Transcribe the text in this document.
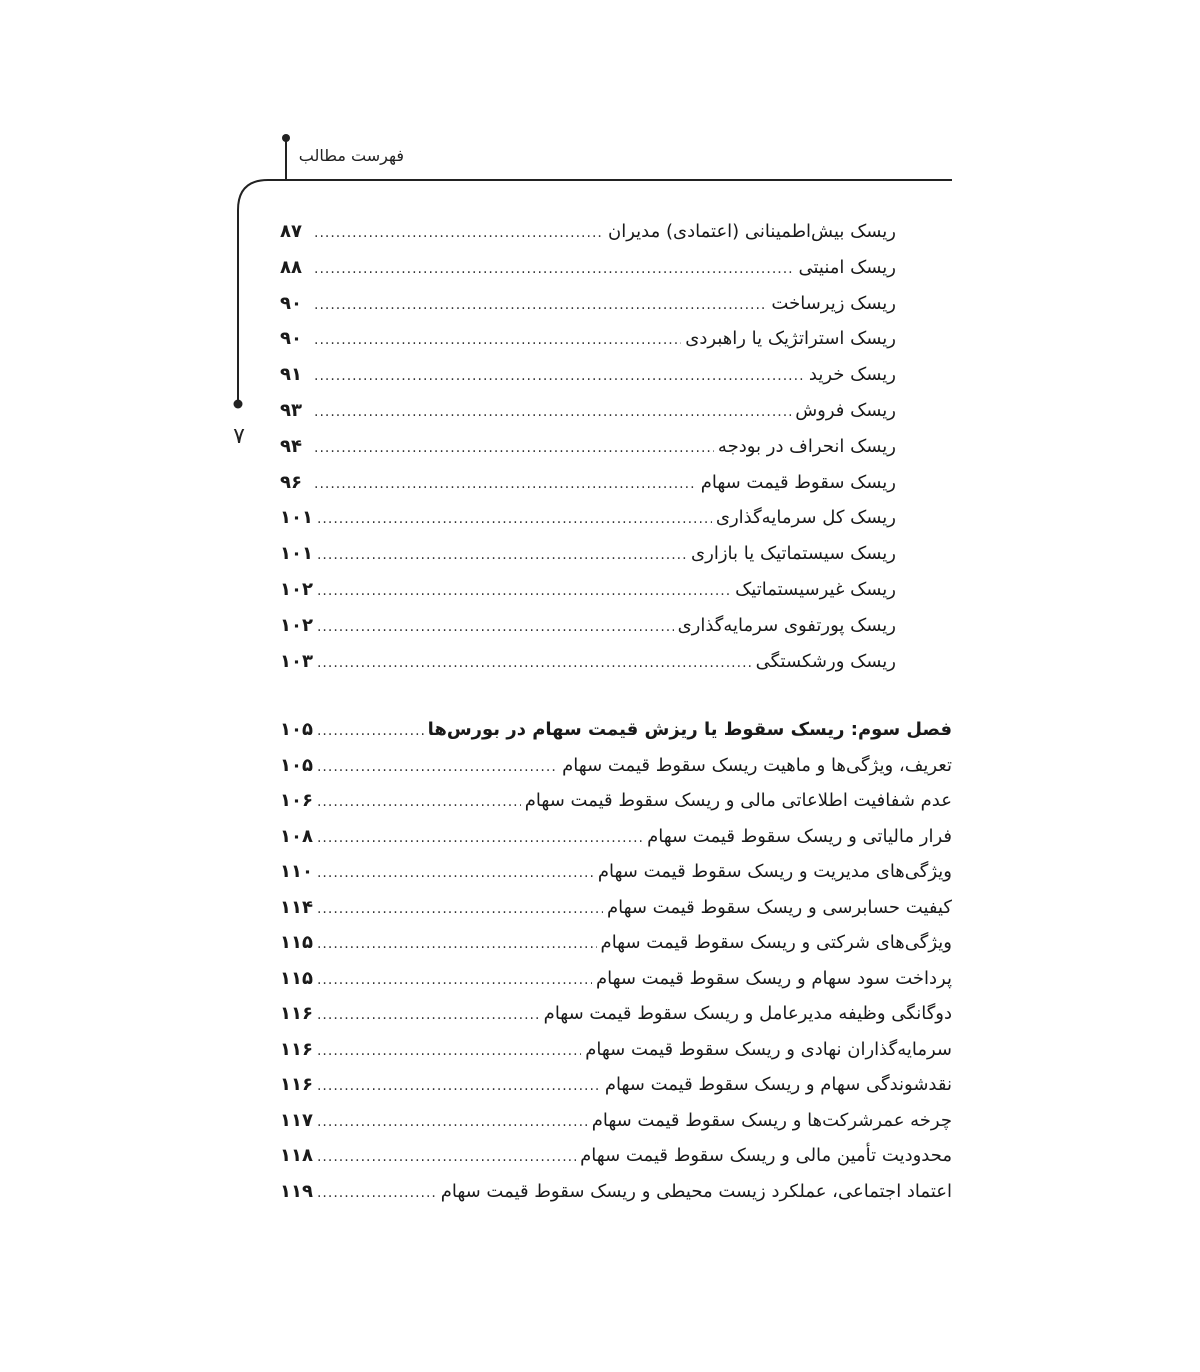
فهرست مطالب
۷
ریسک بیش‌اطمینانی (اعتمادی) مدیران
.....
۸۷
ریسک امنیتی
.....
۸۸
ریسک زیرساخت
.....
۹۰
ریسک استراتژیک یا راهبردی
.....
۹۰
ریسک خرید
.....
۹۱
ریسک فروش
.....
۹۳
ریسک انحراف در بودجه
.....
۹۴
ریسک سقوط قیمت سهام
.....
۹۶
ریسک کل سرمایه‌گذاری
.....
۱۰۱
ریسک سیستماتیک یا بازاری
.....
۱۰۱
ریسک غیرسیستماتیک
.....
۱۰۲
ریسک پورتفوی سرمایه‌گذاری
.....
۱۰۲
ریسک ورشکستگی
.....
۱۰۳
فصل سوم: ریسک سقوط یا ریزش قیمت سهام در بورس‌ها
.....
۱۰۵
تعریف، ویژگی‌ها و ماهیت ریسک سقوط قیمت سهام
.....
۱۰۵
عدم شفافیت اطلاعاتی مالی و ریسک سقوط قیمت سهام
.....
۱۰۶
فرار مالیاتی و ریسک سقوط قیمت سهام
.....
۱۰۸
ویژگی‌های مدیریت و ریسک سقوط قیمت سهام
.....
۱۱۰
کیفیت حسابرسی و ریسک سقوط قیمت سهام
.....
۱۱۴
ویژگی‌های شرکتی و ریسک سقوط قیمت سهام
.....
۱۱۵
پرداخت سود سهام و ریسک سقوط قیمت سهام
.....
۱۱۵
دوگانگی وظیفه مدیرعامل و ریسک سقوط قیمت سهام
.....
۱۱۶
سرمایه‌گذاران نهادی و ریسک سقوط قیمت سهام
.....
۱۱۶
نقدشوندگی سهام و ریسک سقوط قیمت سهام
.....
۱۱۶
چرخه عمرشرکت‌ها و ریسک سقوط قیمت سهام
.....
۱۱۷
محدودیت تأمین مالی و ریسک سقوط قیمت سهام
.....
۱۱۸
اعتماد اجتماعی، عملکرد زیست محیطی و ریسک سقوط قیمت سهام
.....
۱۱۹
